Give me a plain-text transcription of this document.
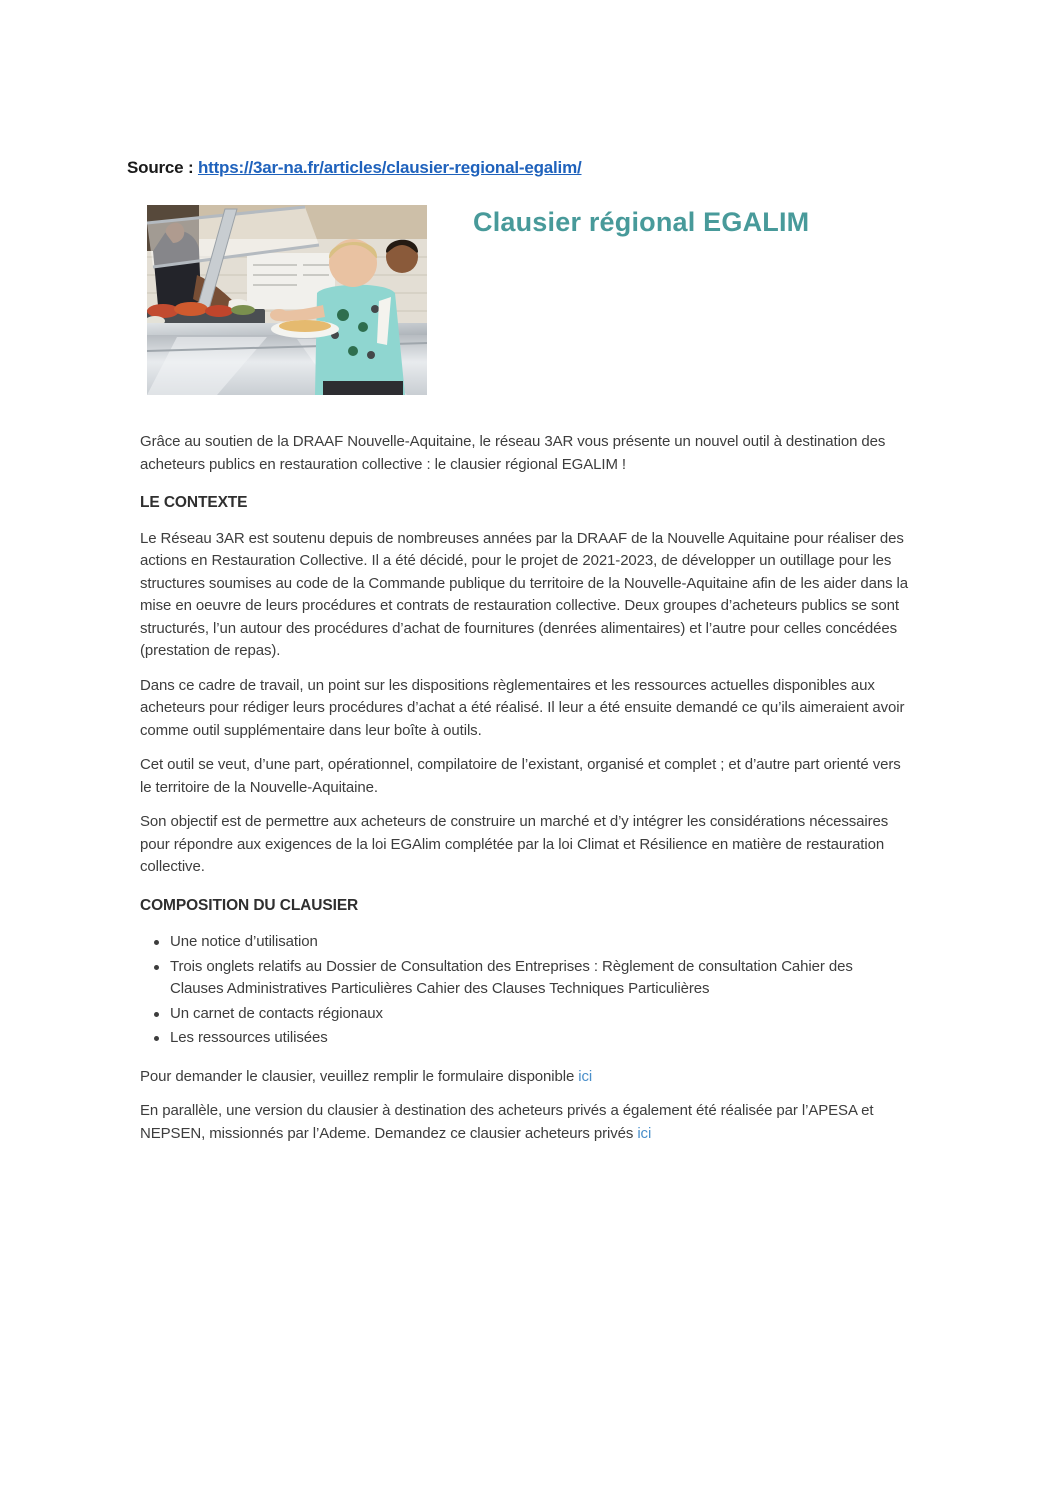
Source : https://3ar-na.fr/articles/clausier-regional-egalim/
Clausier régional EGALIM

Grâce au soutien de la DRAAF Nouvelle-Aquitaine, le réseau 3AR vous présente un nouvel outil à destination des acheteurs publics en restauration collective : le clausier régional EGALIM !

LE CONTEXTE

Le Réseau 3AR est soutenu depuis de nombreuses années par la DRAAF de la Nouvelle Aquitaine pour réaliser des actions en Restauration Collective. Il a été décidé, pour le projet de 2021-2023, de développer un outillage pour les structures soumises au code de la Commande publique du territoire de la Nouvelle-Aquitaine afin de les aider dans la mise en oeuvre de leurs procédures et contrats de restauration collective. Deux groupes d’acheteurs publics se sont structurés, l’un autour des procédures d’achat de fournitures (denrées alimentaires) et l’autre pour celles concédées (prestation de repas).

Dans ce cadre de travail, un point sur les dispositions règlementaires et les ressources actuelles disponibles aux acheteurs pour rédiger leurs procédures d’achat a été réalisé. Il leur a été ensuite demandé ce qu’ils aimeraient avoir comme outil supplémentaire dans leur boîte à outils.

Cet outil se veut, d’une part, opérationnel, compilatoire de l’existant, organisé et complet ; et d’autre part orienté vers le territoire de la Nouvelle-Aquitaine.

Son objectif est de permettre aux acheteurs de construire un marché et d’y intégrer les considérations nécessaires pour répondre aux exigences de la loi EGAlim complétée par la loi Climat et Résilience en matière de restauration collective.

COMPOSITION DU CLAUSIER
Une notice d’utilisation
Trois onglets relatifs au Dossier de Consultation des Entreprises : Règlement de consultation Cahier des Clauses Administratives Particulières Cahier des Clauses Techniques Particulières
Un carnet de contacts régionaux
Les ressources utilisées

Pour demander le clausier, veuillez remplir le formulaire disponible ici

En parallèle, une version du clausier à destination des acheteurs privés a également été réalisée par l’APESA et NEPSEN, missionnés par l’Ademe. Demandez ce clausier acheteurs privés ici
